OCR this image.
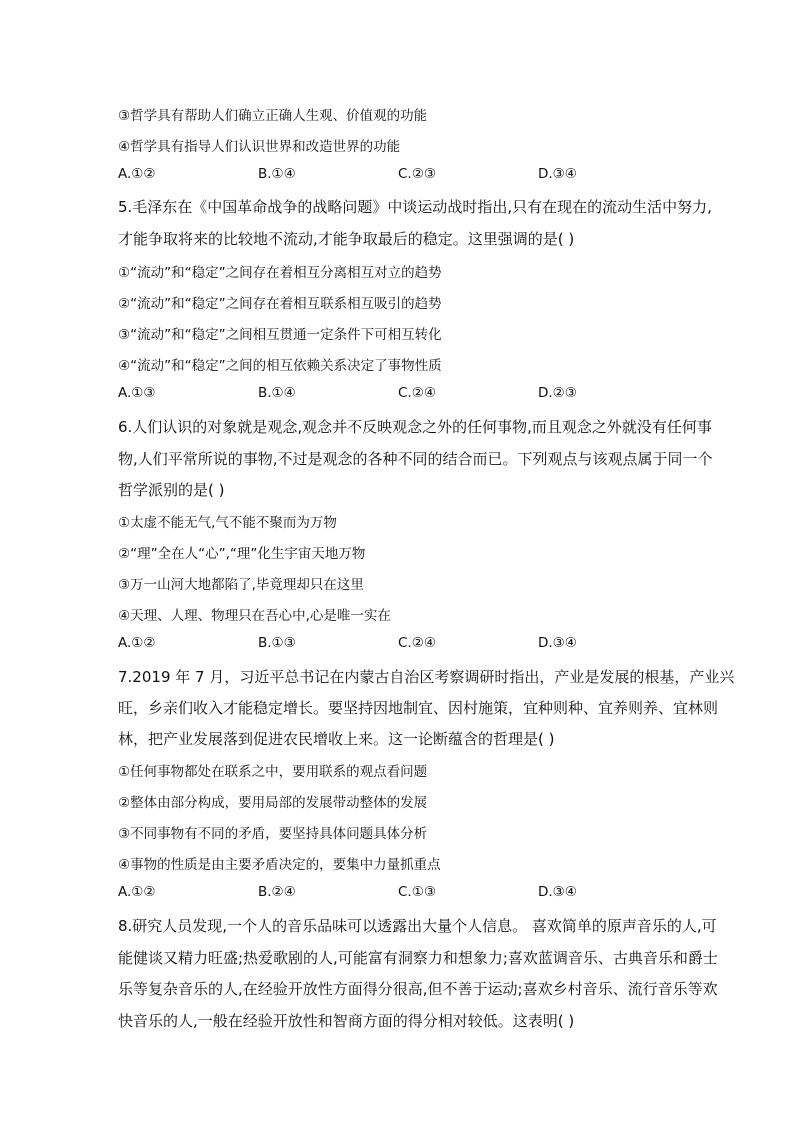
③哲学具有帮助人们确立正确人生观、价值观的功能
④哲学具有指导人们认识世界和改造世界的功能
A.①②	B.①④	C.②③	D.③④
5.毛泽东在《中国革命战争的战略问题》中谈运动战时指出,只有在现在的流动生活中努力,
才能争取将来的比较地不流动,才能争取最后的稳定。这里强调的是( )
①“流动”和“稳定”之间存在着相互分离相互对立的趋势
②“流动”和“稳定”之间存在着相互联系相互吸引的趋势
③“流动”和“稳定”之间相互贯通一定条件下可相互转化
④“流动”和“稳定”之间的相互依赖关系决定了事物性质
A.①③	B.①④	C.②④	D.②③
6.人们认识的对象就是观念,观念并不反映观念之外的任何事物,而且观念之外就没有任何事
物,人们平常所说的事物,不过是观念的各种不同的结合而已。下列观点与该观点属于同一个
哲学派别的是( )
①太虚不能无气,气不能不聚而为万物
②“理”全在人“心”,“理”化生宇宙天地万物
③万一山河大地都陷了,毕竟理却只在这里
④天理、人理、物理只在吾心中,心是唯一实在
A.①②	B.①③	C.②④	D.③④
7.2019 年 7 月，习近平总书记在内蒙古自治区考察调研时指出，产业是发展的根基，产业兴
旺，乡亲们收入才能稳定增长。要坚持因地制宜、因村施策，宜种则种、宜养则养、宜林则
林，把产业发展落到促进农民增收上来。这一论断蕴含的哲理是( )
①任何事物都处在联系之中，要用联系的观点看问题
②整体由部分构成，要用局部的发展带动整体的发展
③不同事物有不同的矛盾，要坚持具体问题具体分析
④事物的性质是由主要矛盾决定的，要集中力量抓重点
A.①②	B.②④	C.①③	D.③④
8.研究人员发现,一个人的音乐品味可以透露出大量个人信息。 喜欢简单的原声音乐的人,可
能健谈又精力旺盛;热爱歌剧的人,可能富有洞察力和想象力;喜欢蓝调音乐、古典音乐和爵士
乐等复杂音乐的人,在经验开放性方面得分很高,但不善于运动;喜欢乡村音乐、流行音乐等欢
快音乐的人,一般在经验开放性和智商方面的得分相对较低。这表明( )
